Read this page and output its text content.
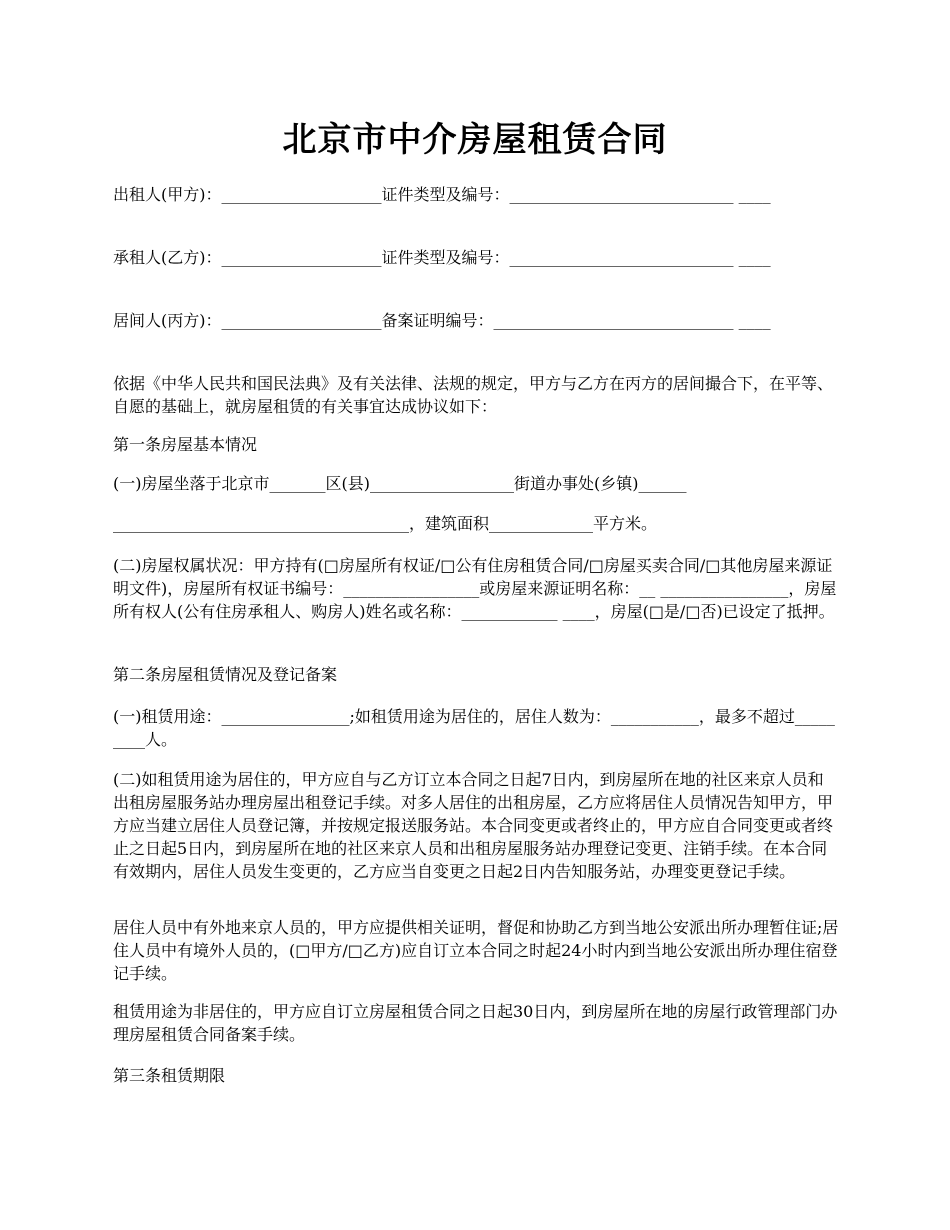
北京市中介房屋租赁合同

出租人(甲方)：____________________证件类型及编号：____________________________ ____

承租人(乙方)：____________________证件类型及编号：____________________________ ____

居间人(丙方)：____________________备案证明编号：______________________________ ____

依据《中华人民共和国民法典》及有关法律、法规的规定，甲方与乙方在丙方的居间撮合下，在平等、自愿的基础上，就房屋租赁的有关事宜达成协议如下：

第一条房屋基本情况

(一)房屋坐落于北京市_______区(县)__________________街道办事处(乡镇)______

_____________________________________，建筑面积_____________平方米。

(二)房屋权属状况：甲方持有(□房屋所有权证/□公有住房租赁合同/□房屋买卖合同/□其他房屋来源证明文件)，房屋所有权证书编号：_________________或房屋来源证明名称：__ ________________，房屋所有权人(公有住房承租人、购房人)姓名或名称：____________ ____，房屋(□是/□否)已设定了抵押。

第二条房屋租赁情况及登记备案

(一)租赁用途：________________;如租赁用途为居住的，居住人数为：___________，最多不超过_________人。

(二)如租赁用途为居住的，甲方应自与乙方订立本合同之日起7日内，到房屋所在地的社区来京人员和出租房屋服务站办理房屋出租登记手续。对多人居住的出租房屋，乙方应将居住人员情况告知甲方，甲方应当建立居住人员登记簿，并按规定报送服务站。本合同变更或者终止的，甲方应自合同变更或者终止之日起5日内，到房屋所在地的社区来京人员和出租房屋服务站办理登记变更、注销手续。在本合同有效期内，居住人员发生变更的，乙方应当自变更之日起2日内告知服务站，办理变更登记手续。

居住人员中有外地来京人员的，甲方应提供相关证明，督促和协助乙方到当地公安派出所办理暂住证;居住人员中有境外人员的，(□甲方/□乙方)应自订立本合同之时起24小时内到当地公安派出所办理住宿登记手续。

租赁用途为非居住的，甲方应自订立房屋租赁合同之日起30日内，到房屋所在地的房屋行政管理部门办理房屋租赁合同备案手续。

第三条租赁期限
